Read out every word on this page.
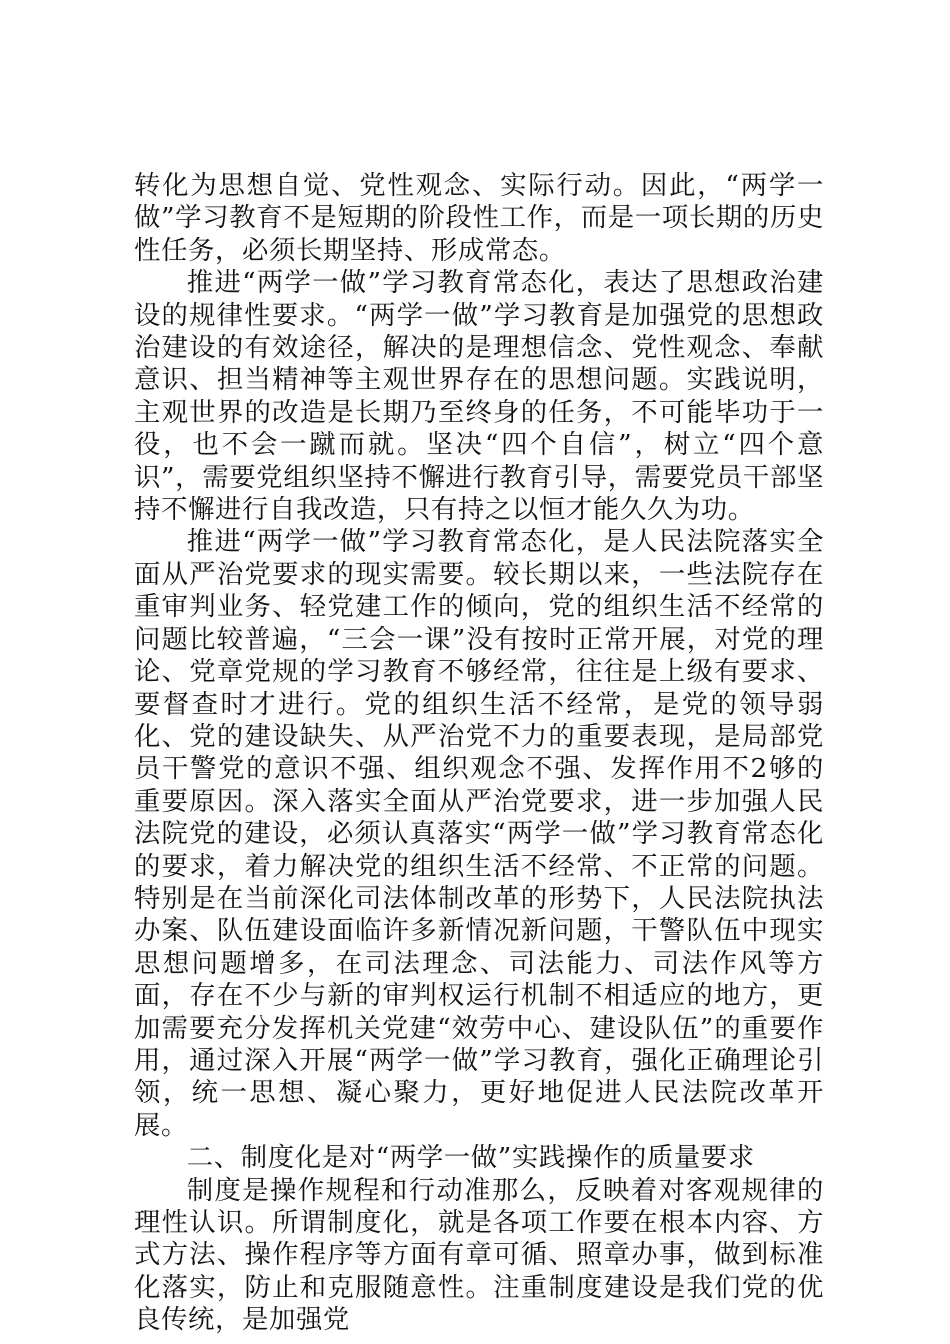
转化为思想自觉、党性观念、实际行动。因此，“两学一做”学习教育不是短期的阶段性工作，而是一项长期的历史性任务，必须长期坚持、形成常态。

推进“两学一做”学习教育常态化，表达了思想政治建设的规律性要求。“两学一做”学习教育是加强党的思想政治建设的有效途径，解决的是理想信念、党性观念、奉献意识、担当精神等主观世界存在的思想问题。实践说明，主观世界的改造是长期乃至终身的任务，不可能毕功于一役，也不会一蹴而就。坚决“四个自信”，树立“四个意识”，需要党组织坚持不懈进行教育引导，需要党员干部坚持不懈进行自我改造，只有持之以恒才能久久为功。

推进“两学一做”学习教育常态化，是人民法院落实全面从严治党要求的现实需要。较长期以来，一些法院存在重审判业务、轻党建工作的倾向，党的组织生活不经常的问题比较普遍，“三会一课”没有按时正常开展，对党的理论、党章党规的学习教育不够经常，往往是上级有要求、要督查时才进行。党的组织生活不经常，是党的领导弱化、党的建设缺失、从严治党不力的重要表现，是局部党员干警党的意识不强、组织观念不强、发挥作用不2够的重要原因。深入落实全面从严治党要求，进一步加强人民法院党的建设，必须认真落实“两学一做”学习教育常态化的要求，着力解决党的组织生活不经常、不正常的问题。特别是在当前深化司法体制改革的形势下，人民法院执法办案、队伍建设面临许多新情况新问题，干警队伍中现实思想问题增多，在司法理念、司法能力、司法作风等方面，存在不少与新的审判权运行机制不相适应的地方，更加需要充分发挥机关党建“效劳中心、建设队伍”的重要作用，通过深入开展“两学一做”学习教育，强化正确理论引领，统一思想、凝心聚力，更好地促进人民法院改革开展。

二、制度化是对“两学一做”实践操作的质量要求

制度是操作规程和行动准那么，反映着对客观规律的理性认识。所谓制度化，就是各项工作要在根本内容、方式方法、操作程序等方面有章可循、照章办事，做到标准化落实，防止和克服随意性。注重制度建设是我们党的优良传统，是加强党
